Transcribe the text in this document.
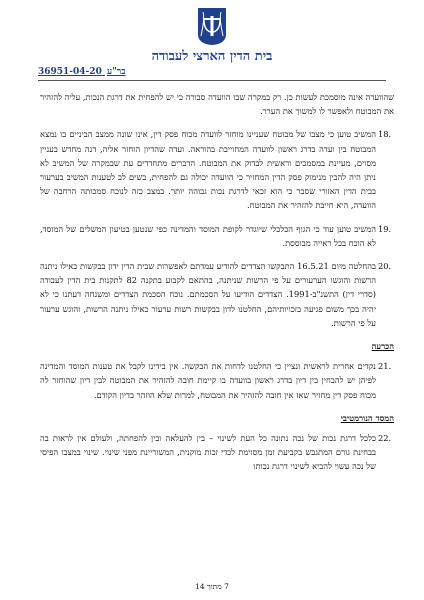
בית הדין הארצי לעבודה
36951-04-20 בר"ע

שהוועדה אינה מוסמכת לעשות כן. רק במקרה שבו הוועדה סבורה כי יש להפחית את דרגת הנכות, עליה להזהיר את המבוטח ולאפשר לו למשוך את הערר.

18.
המשיב טוען כי מצבו של מבוטח שעניינו מוחזר לוועדה מכוח פסק דין, אינו שונה ממצב הביניים בו נמצא המבוטח בין ועדה בדרג ראשון לוועדה המחוייבת בהוראה. ועדה שהדיון הוחזר אליה, דנה מחדש בעניין מסוים, מעיינת במסמכים וראשית לבדוק את המבוטח. הדברים מתחדדים עת שבמקרה של המשיב לא ניתן היה להבין מנימוק פסק הדין המחזיר כי הוועדה יכולה גם להפחית, בשים לב לטענות המשיב בערעור בבית הדין האזורי שסבר כי הוא זכאי לדרגת נכות גבוהה יותר. במצב כזה לנוכח סמכותה הרחבה של הוועדה, היא חייבת להזהיר את המבוטח.

19.
המשיב טוען עוד כי הגוף הכלכלי שיוגדר לקופת המוסד והמדינה כפי שנטען בטיעון המשלים של המוסד, לא הוכח בכל ראייה מבוססת.

20.
בהחלטה מיום 16.5.21 התבקשו הצדדים להודיע עמדתם לאפשרות שבית הדין ידון בבקשות כאילו ניתנה הרשות והוגשו הערעורים על פי הרשות שניתנה, בהתאם לקבוע בתקנה 82 לתקנות בית הדין לעבודה (סדרי דין) התשנ"ב-1991. הצדדים הודיעו על הסכמתם. נוכח הסכמת הצדדים ומשנחה דעתנו כי לא יהיה בכך משום פגיעה בזכויותיהם, החלטנו לדון בבקשות רשות ערעור כאילו ניתנה הרשות, והוגש ערעור על פי הרשות.

הכרעה

21.
נקדים אחרית לראשית ונציין כי החלטנו לדחות את הבקשה. אין בידינו לקבל את טענות המוסד והמדינה לפיהן יש להבחין בין דיון בדרג ראשון בוועדה בו קיימת חובה להזהיר את המבוטח לבין דיון שהוחזר לה מכוח פסק דין מחזיר שאז אין חובה להזהיר את המבוטח, למרות שלא הוזהר בדיון הקודם.

המסד הנורמטיבי

22.
כלכל דרגת נכות של נכה נתונה כל העת לשינוי – בין להעלאה ובין להפחתה, ולעולם אין לראות בה בבחינת גורם המתגבש בקביעת זמן מסוימת לכדי זכות מוקנית, המשוריינת מפני שינוי. שינוי במצבו הפיסי של נכה עשוי להביא לשינוי דרגת נכותו

7 מתוך 14
